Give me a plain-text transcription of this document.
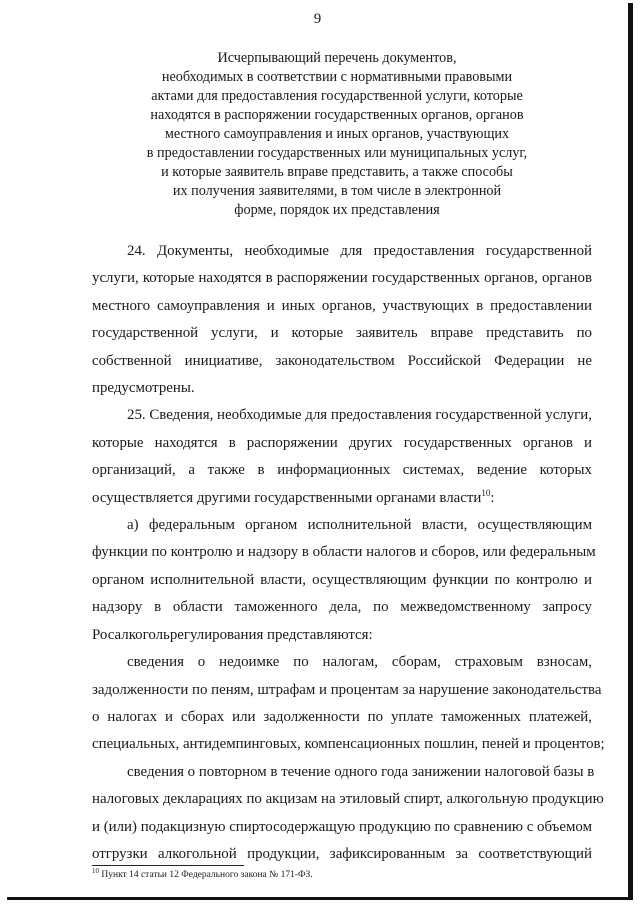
9
Исчерпывающий перечень документов,
необходимых в соответствии с нормативными правовыми
актами для предоставления государственной услуги, которые
находятся в распоряжении государственных органов, органов
местного самоуправления и иных органов, участвующих
в предоставлении государственных или муниципальных услуг,
и которые заявитель вправе представить, а также способы
их получения заявителями, в том числе в электронной
форме, порядок их представления
24. Документы, необходимые для предоставления государственной
услуги, которые находятся в распоряжении государственных органов, органов
местного самоуправления и иных органов, участвующих в предоставлении
государственной услуги, и которые заявитель вправе представить по
собственной инициативе, законодательством Российской Федерации не
предусмотрены.
25. Сведения, необходимые для предоставления государственной услуги,
которые находятся в распоряжении других государственных органов и
организаций, а также в информационных системах, ведение которых
осуществляется другими государственными органами власти$^{10}$:
а) федеральным органом исполнительной власти, осуществляющим
функции по контролю и надзору в области налогов и сборов, или федеральным
органом исполнительной власти, осуществляющим функции по контролю и
надзору в области таможенного дела, по межведомственному запросу
Росалкогольрегулирования представляются:
сведения о недоимке по налогам, сборам, страховым взносам,
задолженности по пеням, штрафам и процентам за нарушение законодательства
о налогах и сборах или задолженности по уплате таможенных платежей,
специальных, антидемпинговых, компенсационных пошлин, пеней и процентов;
сведения о повторном в течение одного года занижении налоговой базы в
налоговых декларациях по акцизам на этиловый спирт, алкогольную продукцию
и (или) подакцизную спиртосодержащую продукцию по сравнению с объемом
отгрузки алкогольной продукции, зафиксированным за соответствующий
$^{10}$ Пункт 14 статьи 12 Федерального закона № 171-ФЗ.
